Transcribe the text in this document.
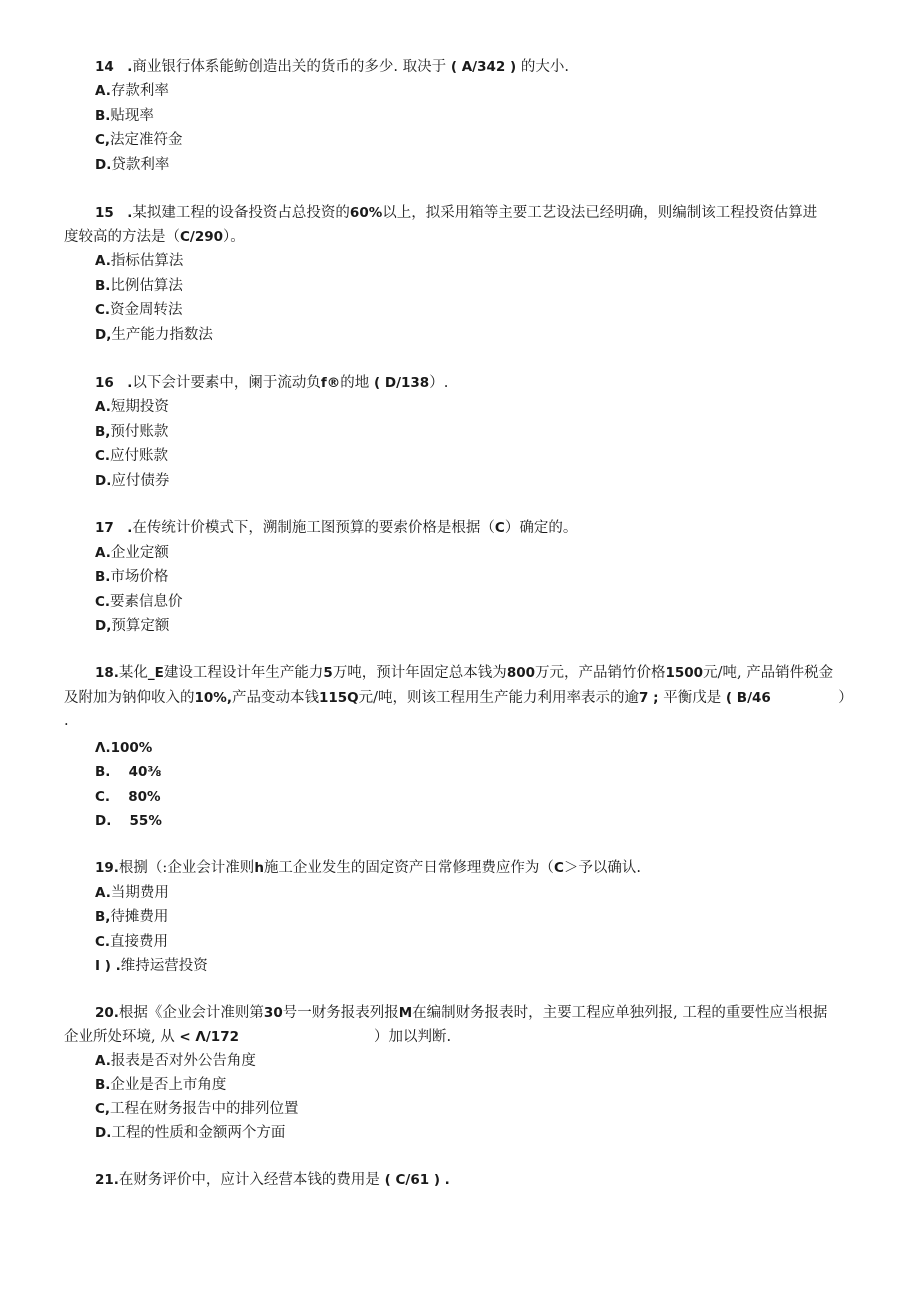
14　.商业银行体系能鲂创造出关的货币的多少. 取决于 ( A/342 ) 的大小.
A.存款利率
B.贴现率
C,法定准符金
D.贷款利率
15　.某拟建工程的设备投资占总投资的60%以上，拟采用箱等主要工艺设法已经明确，则编制该工程投资估算进
度较高的方法是（C/290）。
A.指标估算法
B.比例估算法
C.资金周转法
D,生产能力指数法
16　.以下会计要素中，阑于流动负f®的地 ( D/138）.
A.短期投资
B,预付账款
C.应付账款
D.应付债券
17　.在传统计价模式下，溯制施工图预算的要索价格是根据（C）确定的。
A.企业定额
B.市场价格
C.要素信息价
D,预算定额
18.某化_E建设工程设计年生产能力5万吨，预计年固定总本钱为800万元，产品销竹价格1500元/吨, 产品销件税金
及附加为钠仰收入的10%,产品变动本钱115Q元/吨，则该工程用生产能力利用率表示的逾7 ; 平衡戊是 ( B/46　　　　　）
.
Λ.100%
B.　 40⅜
C.　 80%
D.　 55%
19.根捌（:企业会计准则h施工企业发生的固定资产日常修理费应作为（C＞予以确认.
A.当期费用
B,待摊费用
C.直接费用
I ) .维持运营投资
20.根据《企业会计准则第30号一财务报表列报M在编制财务报表时，主要工程应单独列报, 工程的重要性应当根据
企业所处环境, 从 < Λ/172　　　　　　　　　　）加以判断.
A.报表是否对外公告角度
B.企业是否上市角度
C,工程在财务报告中的排列位置
D.工程的性质和金额两个方面
21.在财务评价中，应计入经营本钱的费用是 ( C/61 ) .
